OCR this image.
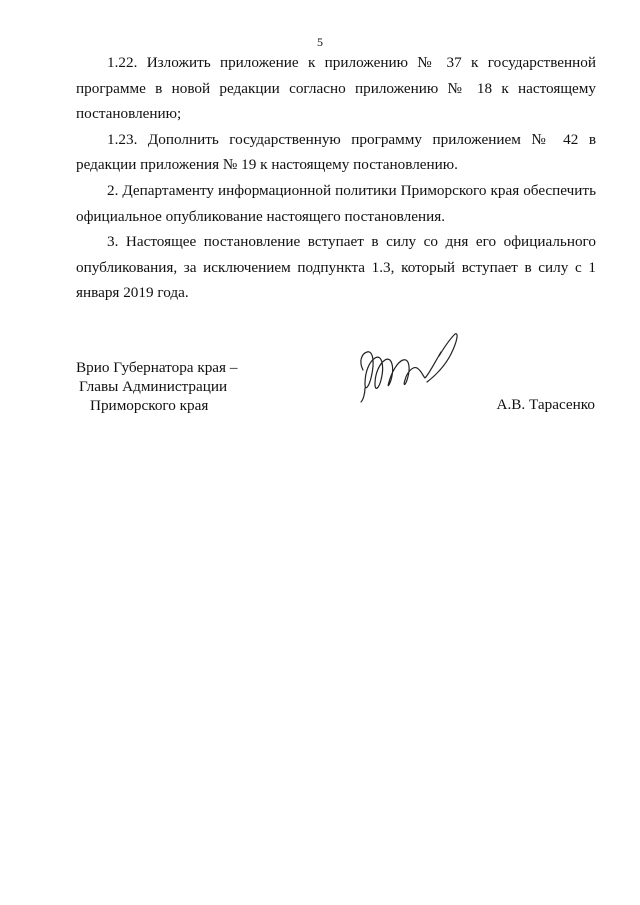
5

1.22. Изложить приложение к приложению № 37 к государственной программе в новой редакции согласно приложению № 18 к настоящему постановлению;

1.23. Дополнить государственную программу приложением № 42 в редакции приложения № 19 к настоящему постановлению.

2. Департаменту информационной политики Приморского края обеспечить официальное опубликование настоящего постановления.

3. Настоящее постановление вступает в силу со дня его официального опубликования, за исключением подпункта 1.3, который вступает в силу с 1 января 2019 года.

Врио Губернатора края –
Главы Администрации
Приморского края	А.В. Тарасенко
